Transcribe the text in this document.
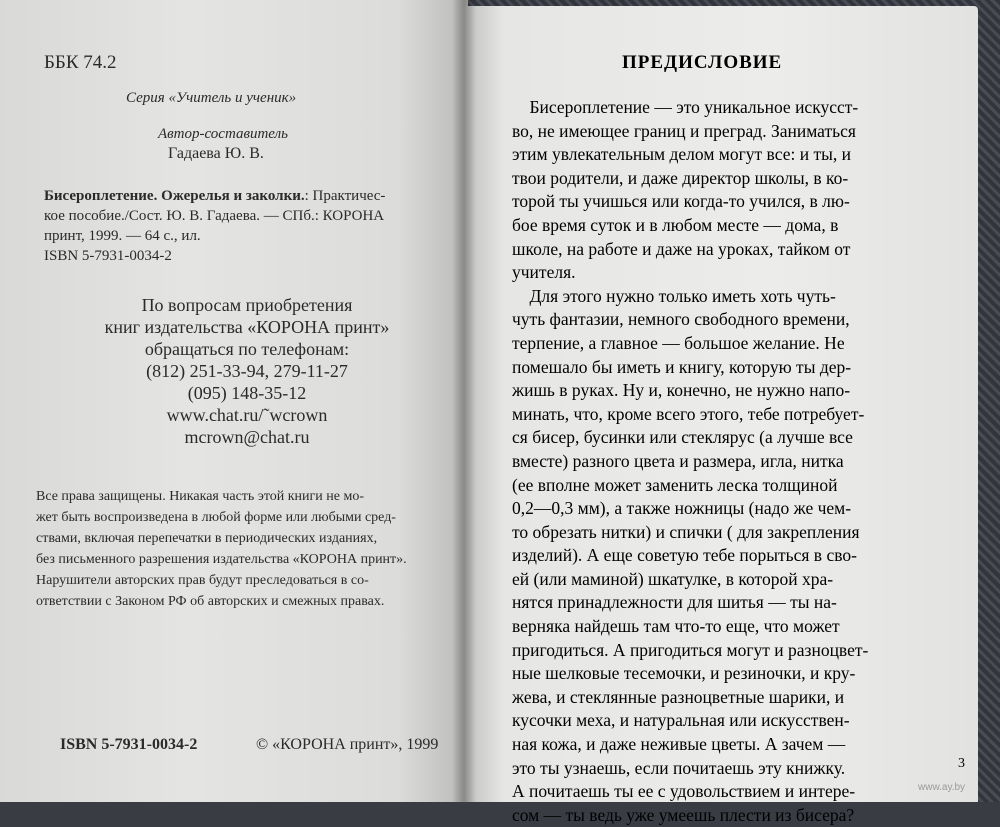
ББК 74.2
Серия «Учитель и ученик»
Автор-составитель
Гадаева Ю. В.
Бисероплетение. Ожерелья и заколки.: Практичес-
кое пособие./Сост. Ю. В. Гадаева. — СПб.: КОРОНА
принт, 1999. — 64 с., ил.
ISBN 5-7931-0034-2
По вопросам приобретения
книг издательства «КОРОНА принт»
обращаться по телефонам:
(812) 251-33-94, 279-11-27
(095) 148-35-12
www.chat.ru/˜wcrown
mcrown@chat.ru
Все права защищены. Никакая часть этой книги не мо-
жет быть воспроизведена в любой форме или любыми сред-
ствами, включая перепечатки в периодических изданиях,
без письменного разрешения издательства «КОРОНА принт».
Нарушители авторских прав будут преследоваться в со-
ответствии с Законом РФ об авторских и смежных правах.
ISBN 5-7931-0034-2	© «КОРОНА принт», 1999
ПРЕДИСЛОВИЕ
Бисероплетение — это уникальное искусст-
во, не имеющее границ и преград. Заниматься
этим увлекательным делом могут все: и ты, и
твои родители, и даже директор школы, в ко-
торой ты учишься или когда-то учился, в лю-
бое время суток и в любом месте — дома, в
школе, на работе и даже на уроках, тайком от
учителя.
Для этого нужно только иметь хоть чуть-
чуть фантазии, немного свободного времени,
терпение, а главное — большое желание. Не
помешало бы иметь и книгу, которую ты дер-
жишь в руках. Ну и, конечно, не нужно напо-
минать, что, кроме всего этого, тебе потребует-
ся бисер, бусинки или стеклярус (а лучше все
вместе) разного цвета и размера, игла, нитка
(ее вполне может заменить леска толщиной
0,2—0,3 мм), а также ножницы (надо же чем-
то обрезать нитки) и спички ( для закрепления
изделий). А еще советую тебе порыться в сво-
ей (или маминой) шкатулке, в которой хра-
нятся принадлежности для шитья — ты на-
верняка найдешь там что-то еще, что может
пригодиться. А пригодиться могут и разноцвет-
ные шелковые тесемочки, и резиночки, и кру-
жева, и стеклянные разноцветные шарики, и
кусочки меха, и натуральная или искусствен-
ная кожа, и даже неживые цветы. А зачем —
это ты узнаешь, если почитаешь эту книжку.
А почитаешь ты ее с удовольствием и интере-
сом — ты ведь уже умеешь плести из бисера?
3
www.ay.by
